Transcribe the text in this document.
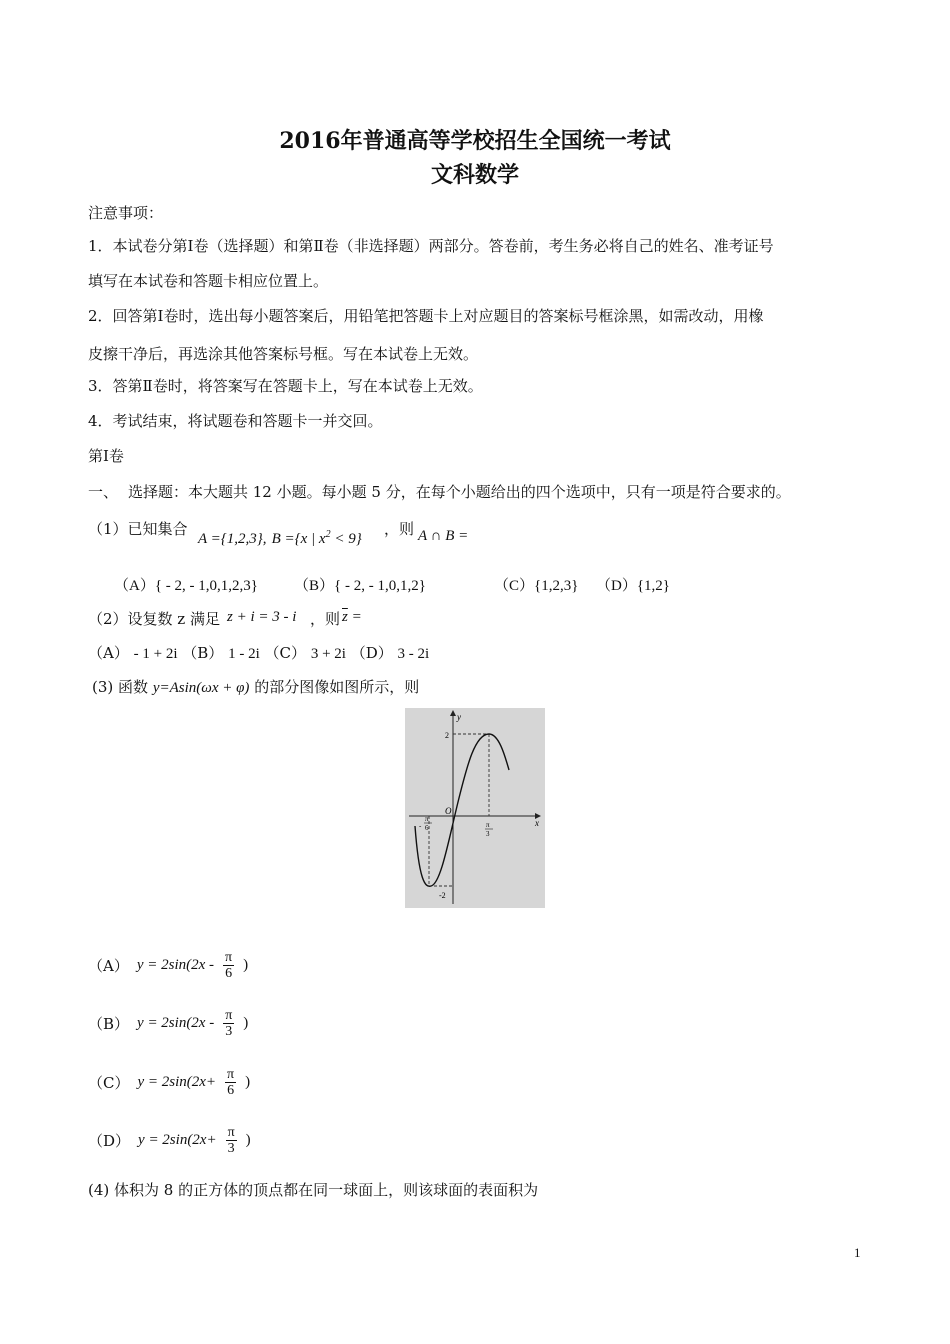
2016年普通高等学校招生全国统一考试
文科数学
注意事项：
1．本试卷分第Ⅰ卷（选择题）和第Ⅱ卷（非选择题）两部分。答卷前，考生务必将自己的姓名、准考证号
填写在本试卷和答题卡相应位置上。
2．回答第Ⅰ卷时，选出每小题答案后，用铅笔把答题卡上对应题目的答案标号框涂黑，如需改动，用橡
皮擦干净后，再选涂其他答案标号框。写在本试卷上无效。
3．答第Ⅱ卷时，将答案写在答题卡上，写在本试卷上无效。
4．考试结束，将试题卷和答题卡一并交回。
第Ⅰ卷
一、 选择题：本大题共 12 小题。每小题 5 分，在每个小题给出的四个选项中，只有一项是符合要求的。
（1）已知集合
A ={1,2,3}, B ={x | $x^2 < 9$}
，则 A ∩ B =
（A）{ - 2, - 1,0,1,2,3} （B）{ - 2, - 1,0,1,2}	（C）{1,2,3} （D）{1,2}
（2）设复数 z 满足 z + i = 3 - i ，则 $\overline{z}$ =
（A） - 1 + 2i （B） 1 - 2i （C） 3 + 2i （D） 3 - 2i
(3) 函数 y=Asin(ωx + φ) 的部分图像如图所示，则
y
x
O
2
-2
-
π
6	π
3
（A） $y = 2\sin(2x - \frac{\pi}{6}$ )
（B） $y = 2\sin(2x - \frac{\pi}{3}$ )
（C） $y = 2\sin(2x+ \frac{\pi}{6}$ )
（D） $y = 2\sin(2x+ \frac{\pi}{3}$ )
(4) 体积为 8 的正方体的顶点都在同一球面上，则该球面的表面积为
1
